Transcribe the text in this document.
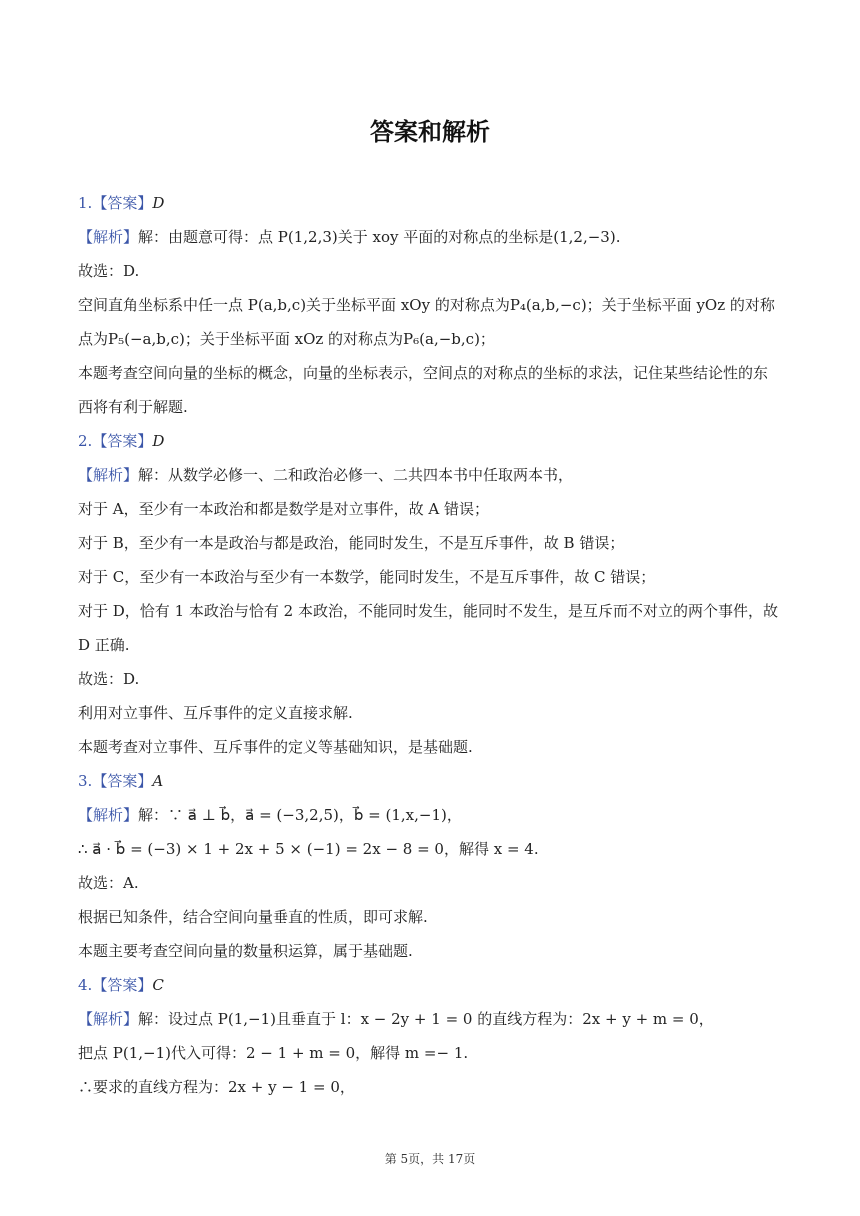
答案和解析

1.【答案】D

【解析】解：由题意可得：点 P(1,2,3)关于 xoy 平面的对称点的坐标是(1,2,−3).

故选：D.

空间直角坐标系中任一点 P(a,b,c)关于坐标平面 xOy 的对称点为P₄(a,b,−c)；关于坐标平面 yOz 的对称点为P₅(−a,b,c)；关于坐标平面 xOz 的对称点为P₆(a,−b,c)；

本题考查空间向量的坐标的概念，向量的坐标表示，空间点的对称点的坐标的求法，记住某些结论性的东西将有利于解题.

2.【答案】D

【解析】解：从数学必修一、二和政治必修一、二共四本书中任取两本书，

对于 A，至少有一本政治和都是数学是对立事件，故 A 错误；

对于 B，至少有一本是政治与都是政治，能同时发生，不是互斥事件，故 B 错误；

对于 C，至少有一本政治与至少有一本数学，能同时发生，不是互斥事件，故 C 错误；

对于 D，恰有 1 本政治与恰有 2 本政治，不能同时发生，能同时不发生，是互斥而不对立的两个事件，故 D 正确.

故选：D.

利用对立事件、互斥事件的定义直接求解.

本题考查对立事件、互斥事件的定义等基础知识，是基础题.

3.【答案】A

【解析】解：∵ a⃗ ⊥ b⃗，a⃗ = (−3,2,5)，b⃗ = (1,x,−1)，

∴ a⃗ · b⃗ = (−3) × 1 + 2x + 5 × (−1) = 2x − 8 = 0，解得 x = 4.

故选：A.

根据已知条件，结合空间向量垂直的性质，即可求解.

本题主要考查空间向量的数量积运算，属于基础题.

4.【答案】C

【解析】解：设过点 P(1,−1)且垂直于 l：x − 2y + 1 = 0 的直线方程为：2x + y + m = 0，

把点 P(1,−1)代入可得：2 − 1 + m = 0，解得 m =− 1.

∴要求的直线方程为：2x + y − 1 = 0，

第 5页，共 17页
